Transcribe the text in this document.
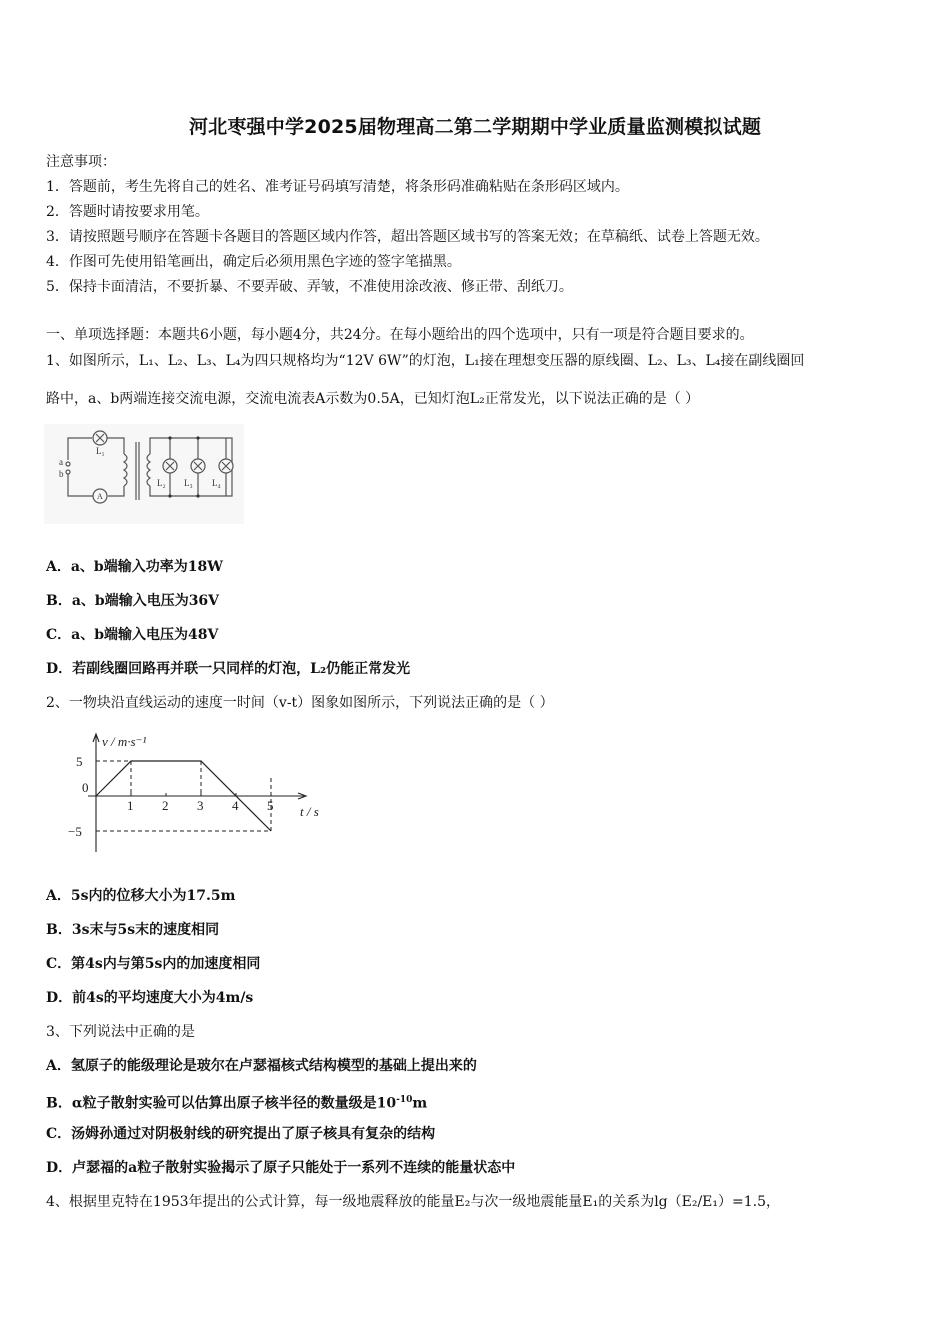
河北枣强中学2025届物理高二第二学期期中学业质量监测模拟试题
注意事项：
1．答题前，考生先将自己的姓名、准考证号码填写清楚，将条形码准确粘贴在条形码区域内。
2．答题时请按要求用笔。
3．请按照题号顺序在答题卡各题目的答题区域内作答，超出答题区域书写的答案无效；在草稿纸、试卷上答题无效。
4．作图可先使用铅笔画出，确定后必须用黑色字迹的签字笔描黑。
5．保持卡面清洁，不要折暴、不要弄破、弄皱，不准使用涂改液、修正带、刮纸刀。
一、单项选择题：本题共6小题，每小题4分，共24分。在每小题给出的四个选项中，只有一项是符合题目要求的。
1、如图所示，L₁、L₂、L₃、L₄为四只规格均为“12V 6W”的灯泡，L₁接在理想变压器的原线圈、L₂、L₃、L₄接在副线圈回
路中，a、b两端连接交流电源，交流电流表A示数为0.5A，已知灯泡L₂正常发光，以下说法正确的是（ ）
a
b
L₁
A
L₂ L₃ L₄
A．a、b端输入功率为18W
B．a、b端输入电压为36V
C．a、b端输入电压为48V
D．若副线圈回路再并联一只同样的灯泡，L₂仍能正常发光
2、一物块沿直线运动的速度一时间（v-t）图象如图所示，下列说法正确的是（ ）
1 2 3 4 5
5
0
−5
v / m·s⁻¹
t / s
A．5s内的位移大小为17.5m
B．3s末与5s末的速度相同
C．第4s内与第5s内的加速度相同
D．前4s的平均速度大小为4m/s
3、下列说法中正确的是
A．氢原子的能级理论是玻尔在卢瑟福核式结构模型的基础上提出来的
B．α粒子散射实验可以估算出原子核半径的数量级是$10^{-10}m$
C．汤姆孙通过对阴极射线的研究提出了原子核具有复杂的结构
D．卢瑟福的a粒子散射实验揭示了原子只能处于一系列不连续的能量状态中
4、根据里克特在1953年提出的公式计算，每一级地震释放的能量E₂与次一级地震能量E₁的关系为lg（E₂/E₁）=1.5，
